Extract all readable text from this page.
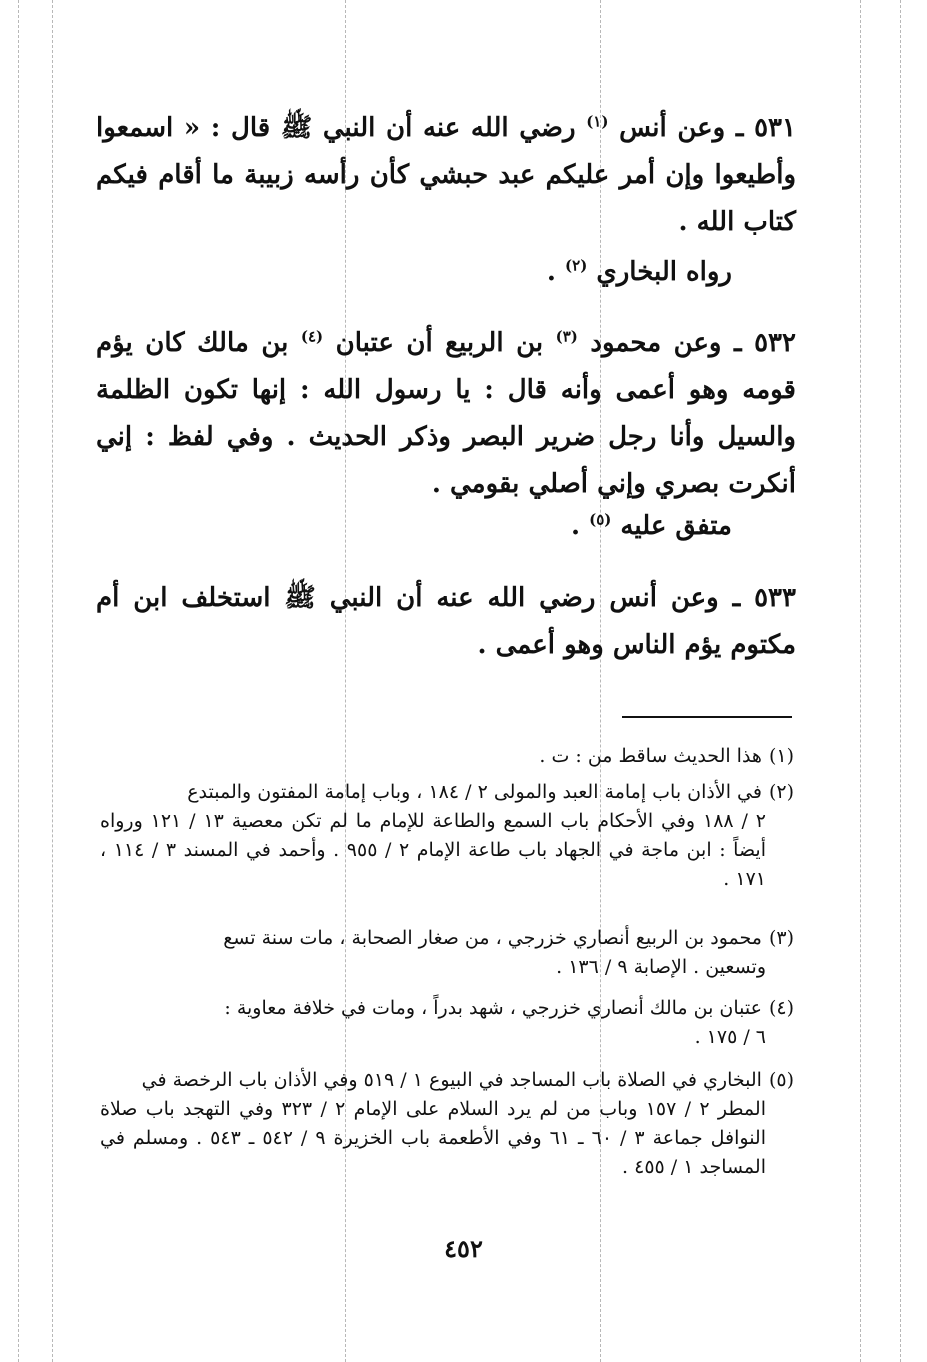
٥٣١ ـ وعن أنس $^{(١)}$ رضي الله عنه أن النبي ﷺ قال : « اسمعوا وأطيعوا وإن أمر عليكم عبد حبشي كأن رأسه زبيبة ما أقام فيكم كتاب الله .
رواه البخاري $^{(٢)}$ .
٥٣٢ ـ وعن محمود $^{(٣)}$ بن الربيع أن عتبان $^{(٤)}$ بن مالك كان يؤم قومه وهو أعمى وأنه قال : يا رسول الله : إنها تكون الظلمة والسيل وأنا رجل ضرير البصر وذكر الحديث . وفي لفظ : إني أنكرت بصري وإني أصلي بقومي .
متفق عليه $^{(٥)}$ .
٥٣٣ ـ وعن أنس رضي الله عنه أن النبي ﷺ استخلف ابن أم مكتوم يؤم الناس وهو أعمى .
(١) هذا الحديث ساقط من : ت .
(٢) في الأذان باب إمامة العبد والمولى ٢ / ١٨٤ ، وباب إمامة المفتون والمبتدع
٢ / ١٨٨ وفي الأحكام باب السمع والطاعة للإمام ما لم تكن معصية ١٣ / ١٢١ ورواه أيضاً : ابن ماجة في الجهاد باب طاعة الإمام ٢ / ٩٥٥ . وأحمد في المسند ٣ / ١١٤ ، ١٧١ .
(٣) محمود بن الربيع أنصاري خزرجي ، من صغار الصحابة ، مات سنة تسع
وتسعين . الإصابة ٩ / ١٣٦ .
(٤) عتبان بن مالك أنصاري خزرجي ، شهد بدراً ، ومات في خلافة معاوية :
٦ / ١٧٥ .
(٥) البخاري في الصلاة باب المساجد في البيوع ١ / ٥١٩ وفي الأذان باب الرخصة في
المطر ٢ / ١٥٧ وباب من لم يرد السلام على الإمام ٢ / ٣٢٣ وفي التهجد باب صلاة النوافل جماعة ٣ / ٦٠ ـ ٦١ وفي الأطعمة باب الخزيرة ٩ / ٥٤٢ ـ ٥٤٣ . ومسلم في المساجد ١ / ٤٥٥ .
٤٥٢
